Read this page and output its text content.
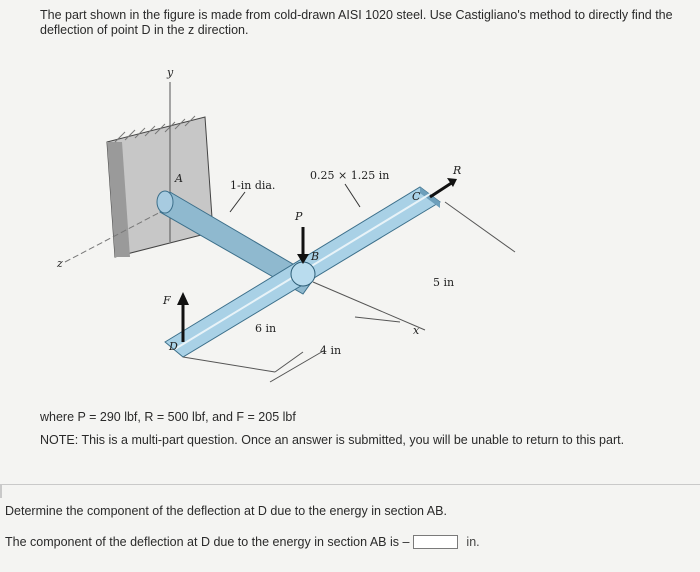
The part shown in the figure is made from cold-drawn AISI 1020 steel. Use Castigliano's method to directly find the deflection of point D in the z direction.
y
z
A
B
C
D
1-in dia.
0.25 × 1.25 in
P
R
F
6 in
4 in
5 in
x
where P = 290 lbf, R = 500 lbf, and F = 205 lbf
NOTE: This is a multi-part question. Once an answer is submitted, you will be unable to return to this part.
Determine the component of the deflection at D due to the energy in section AB.
The component of the deflection at D due to the energy in section AB is –	in.
